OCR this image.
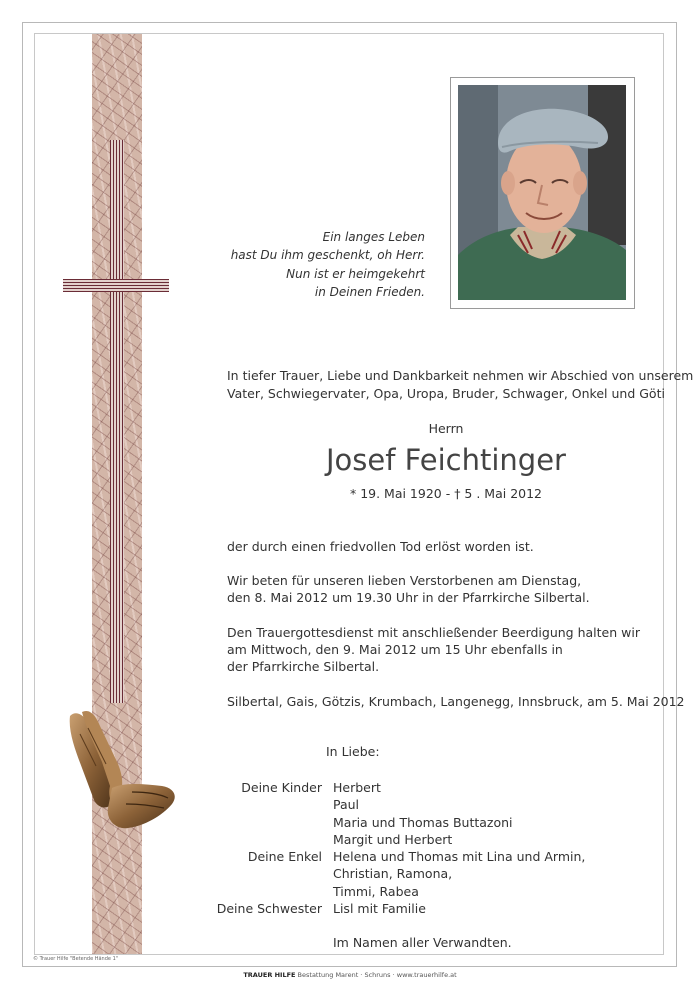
Ein langes Leben
hast Du ihm geschenkt, oh Herr.
Nun ist er heimgekehrt
in Deinen Frieden.
In tiefer Trauer, Liebe und Dankbarkeit nehmen wir Abschied von unserem
Vater, Schwiegervater, Opa, Uropa, Bruder, Schwager, Onkel und Göti
Herrn
Josef Feichtinger
* 19. Mai 1920 - † 5 . Mai 2012
der durch einen friedvollen Tod erlöst worden ist.
Wir beten für unseren lieben Verstorbenen am Dienstag,
den 8. Mai 2012 um 19.30 Uhr in der Pfarrkirche Silbertal.
Den Trauergottesdienst mit anschließender Beerdigung halten wir
am Mittwoch, den 9. Mai 2012 um 15 Uhr ebenfalls in
der Pfarrkirche Silbertal.
Silbertal, Gais, Götzis, Krumbach, Langenegg, Innsbruck, am 5. Mai 2012
In Liebe:
Deine Kinder Herbert
Paul
Maria und Thomas Buttazoni
Margit und Herbert
Deine Enkel Helena und Thomas mit Lina und Armin,
Christian, Ramona,
Timmi, Rabea
Deine Schwester Lisl mit Familie
Im Namen aller Verwandten.
© Trauer Hilfe "Betende Hände 1"
TRAUER HILFE Bestattung Marent · Schruns · www.trauerhilfe.at
